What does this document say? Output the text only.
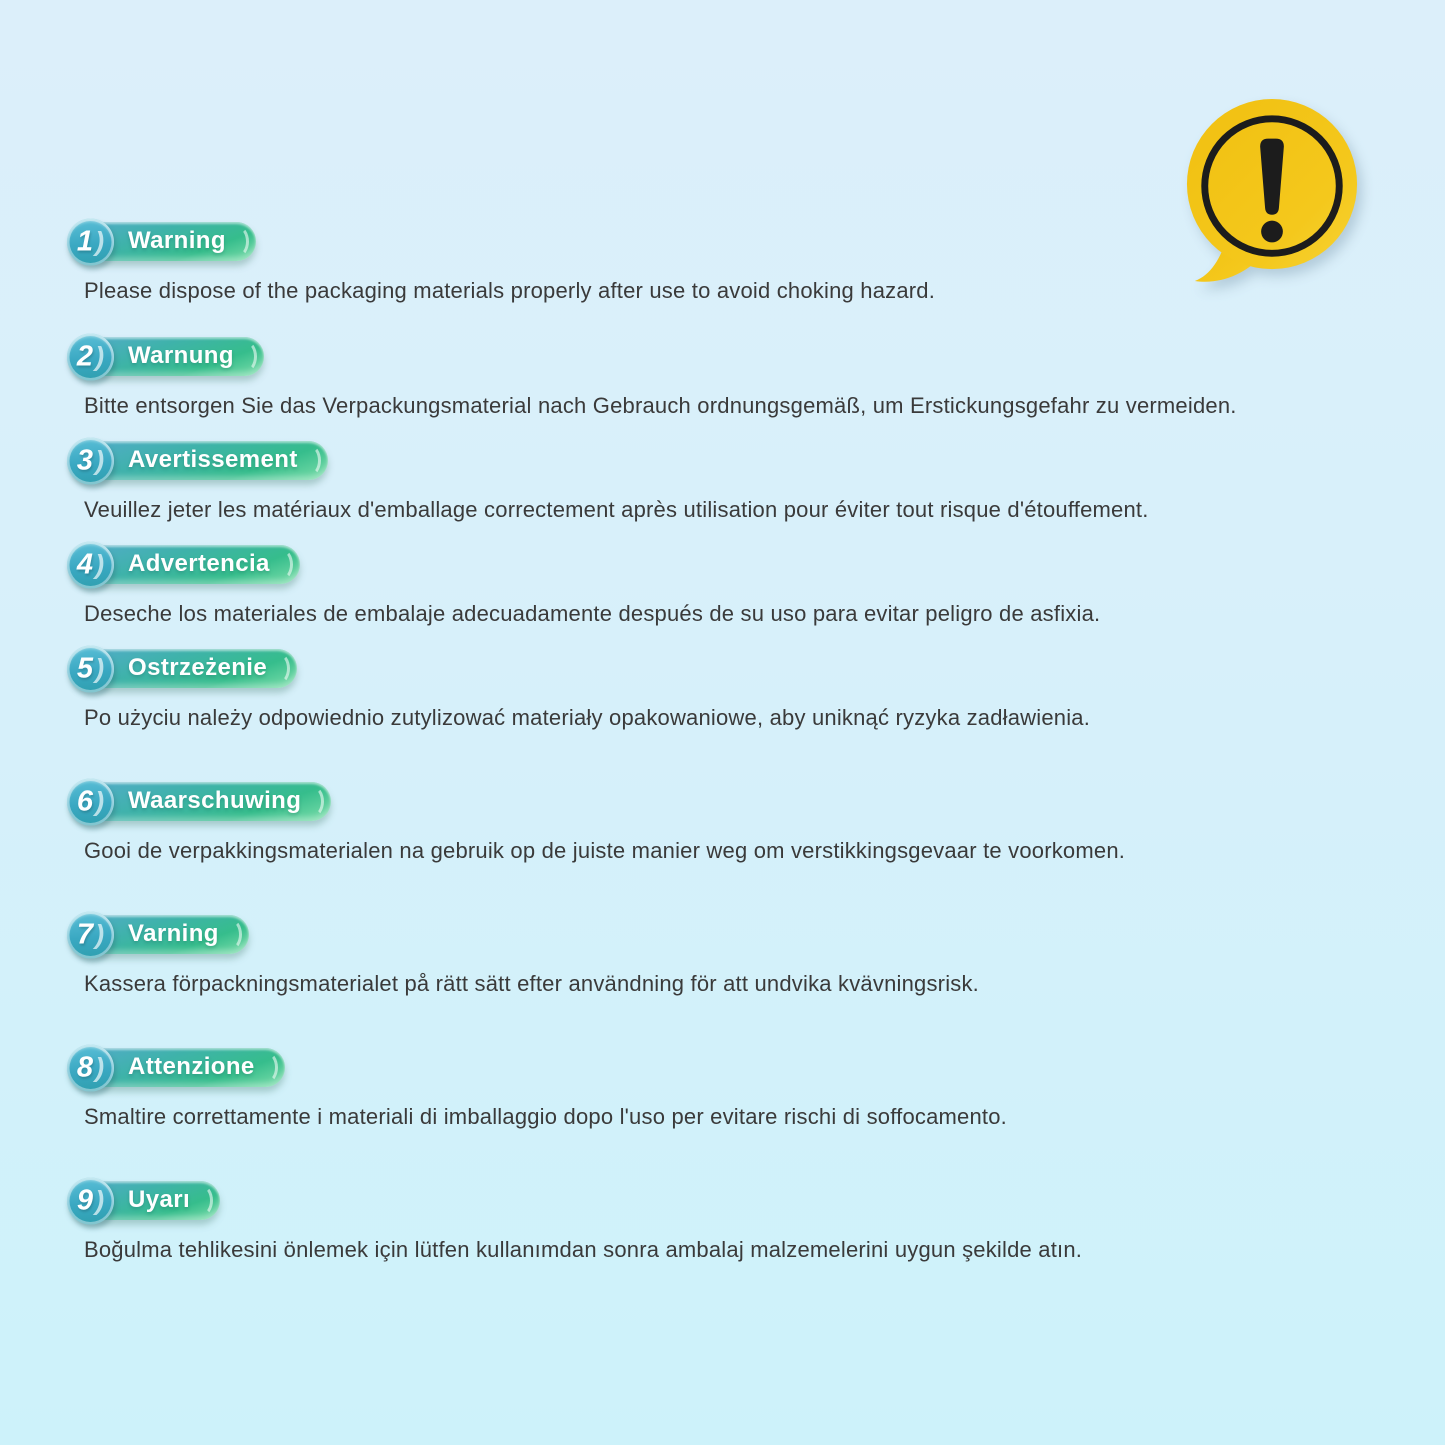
1 ) Warning

Please dispose of the packaging materials properly after use to avoid choking hazard.

2 ) Warnung

Bitte entsorgen Sie das Verpackungsmaterial nach Gebrauch ordnungsgemäß, um Erstickungsgefahr zu vermeiden.

3 ) Avertissement

Veuillez jeter les matériaux d'emballage correctement après utilisation pour éviter tout risque d'étouffement.

4 ) Advertencia

Deseche los materiales de embalaje adecuadamente después de su uso para evitar peligro de asfixia.

5 ) Ostrzeżenie

Po użyciu należy odpowiednio zutylizować materiały opakowaniowe, aby uniknąć ryzyka zadławienia.

6 ) Waarschuwing

Gooi de verpakkingsmaterialen na gebruik op de juiste manier weg om verstikkingsgevaar te voorkomen.

7 ) Varning

Kassera förpackningsmaterialet på rätt sätt efter användning för att undvika kvävningsrisk.

8 ) Attenzione

Smaltire correttamente i materiali di imballaggio dopo l'uso per evitare rischi di soffocamento.

9 ) Uyarı

Boğulma tehlikesini önlemek için lütfen kullanımdan sonra ambalaj malzemelerini uygun şekilde atın.
